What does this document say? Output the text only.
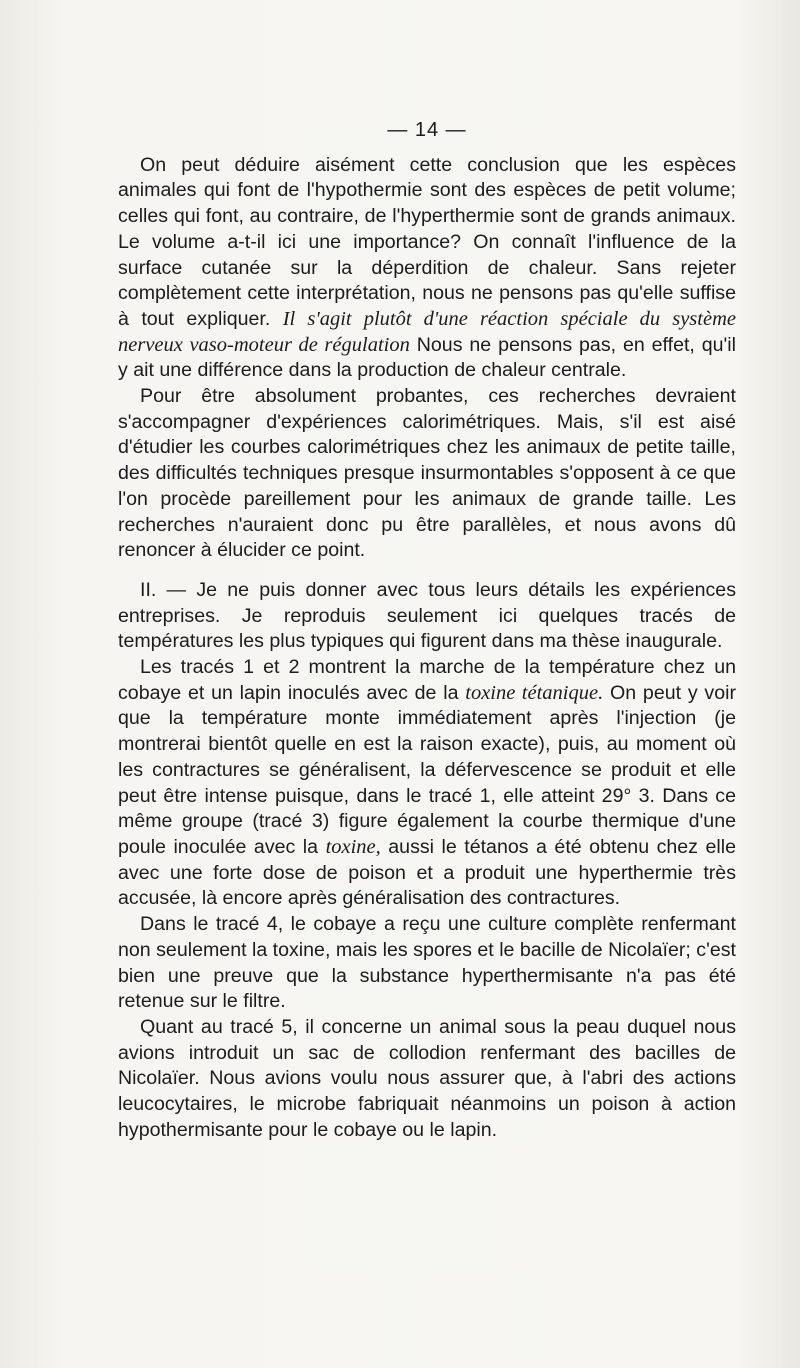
— 14 —

On peut déduire aisément cette conclusion que les espèces animales qui font de l'hypothermie sont des espèces de petit volume; celles qui font, au contraire, de l'hyperthermie sont de grands animaux. Le volume a-t-il ici une importance? On connaît l'influence de la surface cutanée sur la déperdition de chaleur. Sans rejeter complètement cette interprétation, nous ne pensons pas qu'elle suffise à tout expliquer. Il s'agit plutôt d'une réaction spéciale du système nerveux vaso-moteur de régulation Nous ne pensons pas, en effet, qu'il y ait une différence dans la production de chaleur centrale.

Pour être absolument probantes, ces recherches devraient s'accompagner d'expériences calorimétriques. Mais, s'il est aisé d'étudier les courbes calorimétriques chez les animaux de petite taille, des difficultés techniques presque insurmontables s'opposent à ce que l'on procède pareillement pour les animaux de grande taille. Les recherches n'auraient donc pu être parallèles, et nous avons dû renoncer à élucider ce point.

II. — Je ne puis donner avec tous leurs détails les expériences entreprises. Je reproduis seulement ici quelques tracés de températures les plus typiques qui figurent dans ma thèse inaugurale.

Les tracés 1 et 2 montrent la marche de la température chez un cobaye et un lapin inoculés avec de la toxine tétanique. On peut y voir que la température monte immédiatement après l'injection (je montrerai bientôt quelle en est la raison exacte), puis, au moment où les contractures se généralisent, la défervescence se produit et elle peut être intense puisque, dans le tracé 1, elle atteint 29° 3. Dans ce même groupe (tracé 3) figure également la courbe thermique d'une poule inoculée avec la toxine, aussi le tétanos a été obtenu chez elle avec une forte dose de poison et a produit une hyperthermie très accusée, là encore après généralisation des contractures.

Dans le tracé 4, le cobaye a reçu une culture complète renfermant non seulement la toxine, mais les spores et le bacille de Nicolaïer; c'est bien une preuve que la substance hyperthermisante n'a pas été retenue sur le filtre.

Quant au tracé 5, il concerne un animal sous la peau duquel nous avions introduit un sac de collodion renfermant des bacilles de Nicolaïer. Nous avions voulu nous assurer que, à l'abri des actions leucocytaires, le microbe fabriquait néanmoins un poison à action hypothermisante pour le cobaye ou le lapin.
